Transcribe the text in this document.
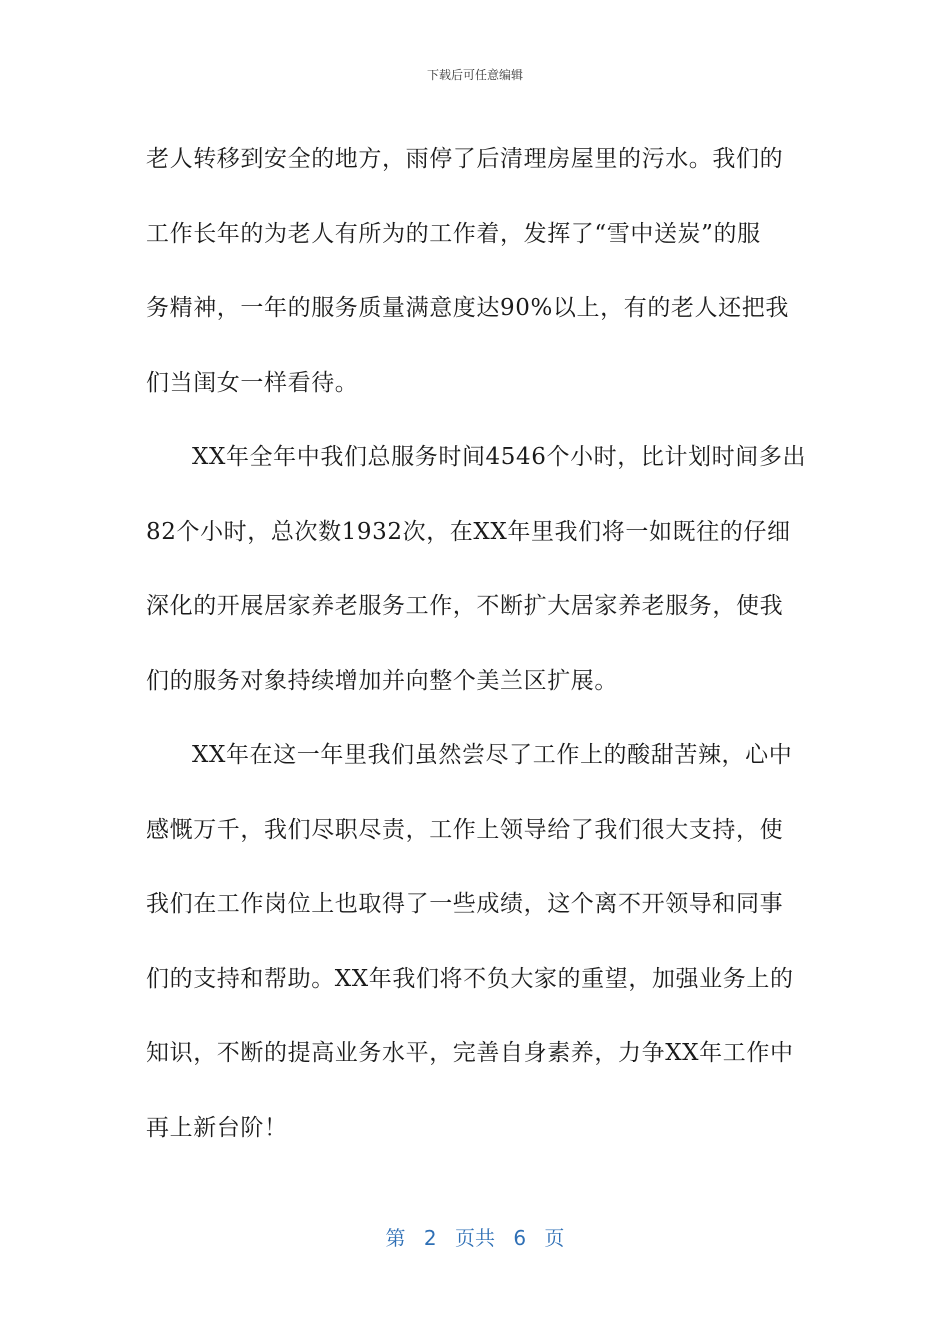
下载后可任意编辑
老人转移到安全的地方，雨停了后清理房屋里的污水。我们的
工作长年的为老人有所为的工作着，发挥了“雪中送炭”的服
务精神，一年的服务质量满意度达90%以上，有的老人还把我
们当闺女一样看待。
XX年全年中我们总服务时间4546个小时，比计划时间多出
82个小时，总次数1932次，在XX年里我们将一如既往的仔细
深化的开展居家养老服务工作，不断扩大居家养老服务，使我
们的服务对象持续增加并向整个美兰区扩展。
XX年在这一年里我们虽然尝尽了工作上的酸甜苦辣，心中
感慨万千，我们尽职尽责，工作上领导给了我们很大支持，使
我们在工作岗位上也取得了一些成绩，这个离不开领导和同事
们的支持和帮助。XX年我们将不负大家的重望，加强业务上的
知识，不断的提高业务水平，完善自身素养，力争XX年工作中
再上新台阶！
第 2 页共 6 页
